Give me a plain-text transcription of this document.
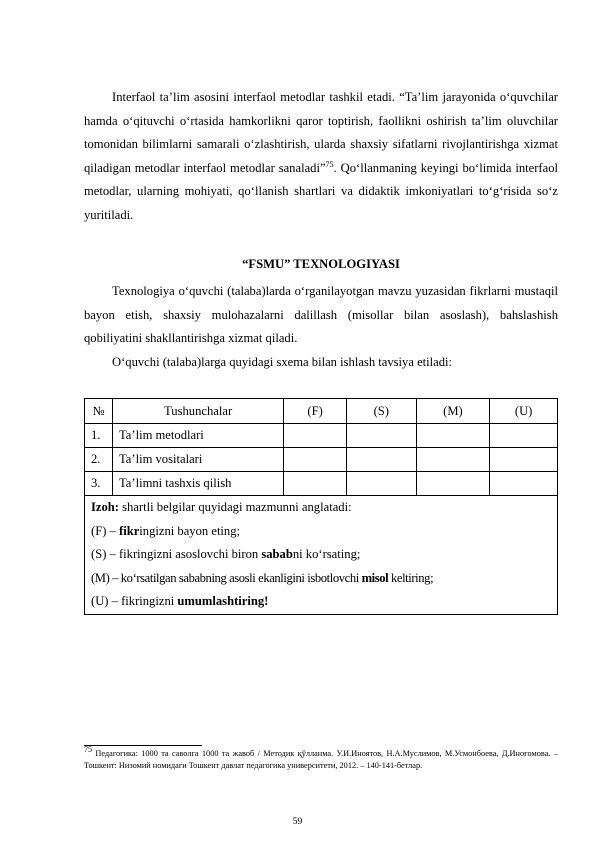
Interfaol ta’lim asosini interfaol metodlar tashkil etadi. “Ta’lim jarayonida o‘quvchilar hamda o‘qituvchi o‘rtasida hamkorlikni qaror toptirish, faollikni oshirish ta’lim oluvchilar tomonidan bilimlarni samarali o‘zlashtirish, ularda shaxsiy sifatlarni rivojlantirishga xizmat qiladigan metodlar interfaol metodlar sanaladi”$^{75}$. Qo‘llanmaning keyingi bo‘limida interfaol metodlar, ularning mohiyati, qo‘llanish shartlari va didaktik imkoniyatlari to‘g‘risida so‘z yuritiladi.

“FSMU” TEXNOLOGIYASI

Texnologiya o‘quvchi (talaba)larda o‘rganilayotgan mavzu yuzasidan fikrlarni mustaqil bayon etish, shaxsiy mulohazalarni dalillash (misollar bilan asoslash), bahslashish qobiliyatini shakllantirishga xizmat qiladi.

O‘quvchi (talaba)larga quyidagi sxema bilan ishlash tavsiya etiladi:

№	Tushunchalar	(F)	(S)	(M)	(U)
1.	Ta’lim metodlari				
2.	Ta’lim vositalari				
3.	Ta’limni tashxis qilish				

Izoh: shartli belgilar quyidagi mazmunni anglatadi:
(F) – fikringizni bayon eting;
(S) – fikringizni asoslovchi biron sababni ko‘rsating;
(M) – ko‘rsatilgan sababning asosli ekanligini isbotlovchi misol keltiring;
(U) – fikringizni umumlashtiring!					

$^{75}$ Педагогика: 1000 та саволга 1000 та жавоб / Методик қўлланма. У.И.Иноятов, Н.А.Муслимов, М.Усмонбоева, Д.Иноғомова. – Тошкент: Низомий номидаги Тошкент давлат педагогика университети, 2012. – 140-141-бетлар.

59
